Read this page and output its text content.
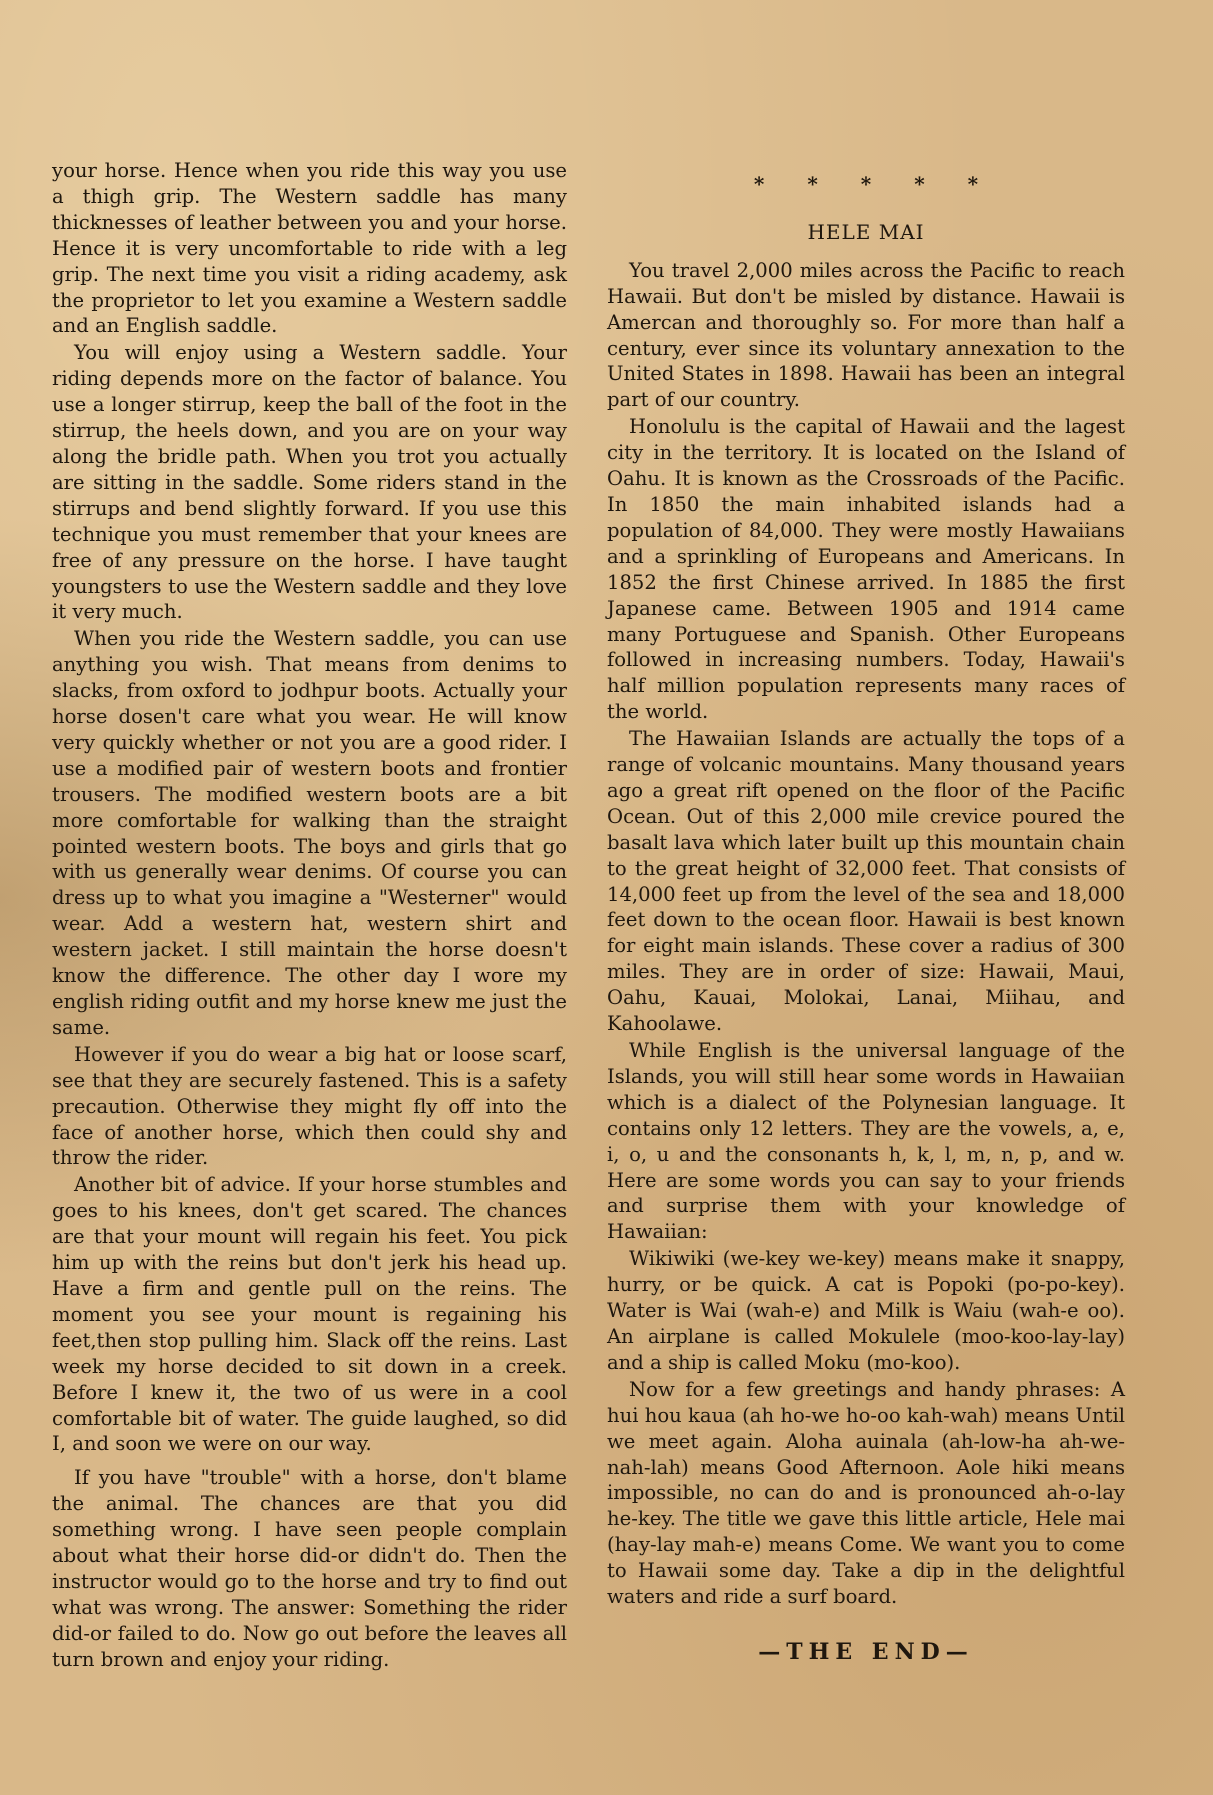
your horse. Hence when you ride this way you use a thigh grip. The Western saddle has many thicknesses of leather between you and your horse. Hence it is very uncomfortable to ride with a leg grip. The next time you visit a riding academy, ask the proprietor to let you examine a Western saddle and an English saddle.

You will enjoy using a Western saddle. Your riding depends more on the factor of balance. You use a longer stirrup, keep the ball of the foot in the stirrup, the heels down, and you are on your way along the bridle path. When you trot you actually are sitting in the saddle. Some riders stand in the stirrups and bend slightly forward. If you use this technique you must remember that your knees are free of any pressure on the horse. I have taught youngsters to use the Western saddle and they love it very much.

When you ride the Western saddle, you can use anything you wish. That means from denims to slacks, from oxford to jodhpur boots. Actually your horse dosen't care what you wear. He will know very quickly whether or not you are a good rider. I use a modified pair of western boots and frontier trousers. The modified western boots are a bit more comfortable for walking than the straight pointed western boots. The boys and girls that go with us generally wear denims. Of course you can dress up to what you imagine a "Westerner" would wear. Add a western hat, western shirt and western jacket. I still maintain the horse doesn't know the difference. The other day I wore my english riding outfit and my horse knew me just the same.

However if you do wear a big hat or loose scarf, see that they are securely fastened. This is a safety precaution. Otherwise they might fly off into the face of another horse, which then could shy and throw the rider.

Another bit of advice. If your horse stumbles and goes to his knees, don't get scared. The chances are that your mount will regain his feet. You pick him up with the reins but don't jerk his head up. Have a firm and gentle pull on the reins. The moment you see your mount is regaining his feet,then stop pulling him. Slack off the reins. Last week my horse decided to sit down in a creek. Before I knew it, the two of us were in a cool comfortable bit of water. The guide laughed, so did I, and soon we were on our way.

If you have "trouble" with a horse, don't blame the animal. The chances are that you did something wrong. I have seen people complain about what their horse did-or didn't do. Then the instructor would go to the horse and try to find out what was wrong. The answer: Something the rider did-or failed to do. Now go out before the leaves all turn brown and enjoy your riding.

* * * * *
HELE MAI

You travel 2,000 miles across the Pacific to reach Hawaii. But don't be misled by distance. Hawaii is Amercan and thoroughly so. For more than half a century, ever since its voluntary annexation to the United States in 1898. Hawaii has been an integral part of our country.

Honolulu is the capital of Hawaii and the lagest city in the territory. It is located on the Island of Oahu. It is known as the Crossroads of the Pacific. In 1850 the main inhabited islands had a population of 84,000. They were mostly Hawaiians and a sprinkling of Europeans and Americans. In 1852 the first Chinese arrived. In 1885 the first Japanese came. Between 1905 and 1914 came many Portuguese and Spanish. Other Europeans followed in increasing numbers. Today, Hawaii's half million population represents many races of the world.

The Hawaiian Islands are actually the tops of a range of volcanic mountains. Many thousand years ago a great rift opened on the floor of the Pacific Ocean. Out of this 2,000 mile crevice poured the basalt lava which later built up this mountain chain to the great height of 32,000 feet. That consists of 14,000 feet up from the level of the sea and 18,000 feet down to the ocean floor. Hawaii is best known for eight main islands. These cover a radius of 300 miles. They are in order of size: Hawaii, Maui, Oahu, Kauai, Molokai, Lanai, Miihau, and Kahoolawe.

While English is the universal language of the Islands, you will still hear some words in Hawaiian which is a dialect of the Polynesian language. It contains only 12 letters. They are the vowels, a, e, i, o, u and the consonants h, k, l, m, n, p, and w. Here are some words you can say to your friends and surprise them with your knowledge of Hawaiian:

Wikiwiki (we-key we-key) means make it snappy, hurry, or be quick. A cat is Popoki (po-po-key). Water is Wai (wah-e) and Milk is Waiu (wah-e oo). An airplane is called Mokulele (moo-koo-lay-lay) and a ship is called Moku (mo-koo).

Now for a few greetings and handy phrases: A hui hou kaua (ah ho-we ho-oo kah-wah) means Until we meet again. Aloha auinala (ah-low-ha ah-we-nah-lah) means Good Afternoon. Aole hiki means impossible, no can do and is pronounced ah-o-lay he-key. The title we gave this little article, Hele mai (hay-lay mah-e) means Come. We want you to come to Hawaii some day. Take a dip in the delightful waters and ride a surf board.

—THE END—
